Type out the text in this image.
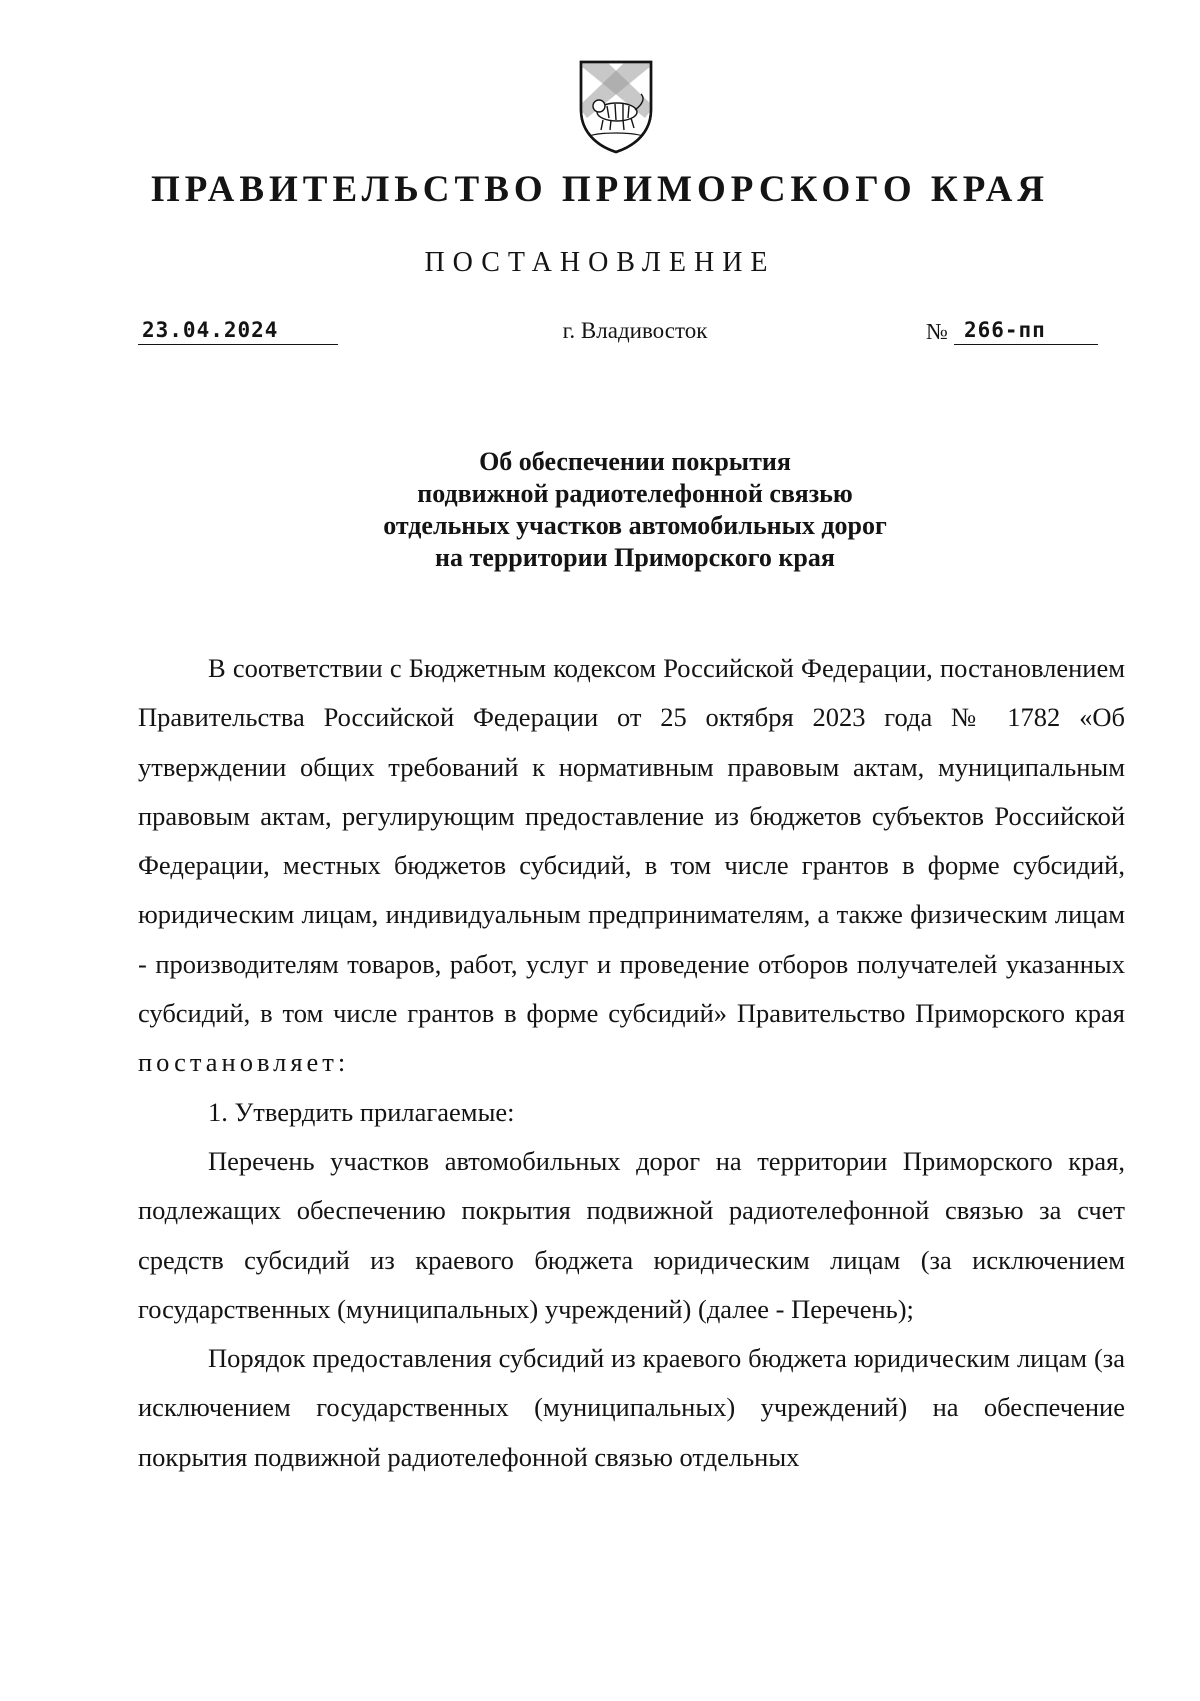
ПРАВИТЕЛЬСТВО ПРИМОРСКОГО КРАЯ
ПОСТАНОВЛЕНИЕ
23.04.2024	г. Владивосток	№ 266-пп
Об обеспечении покрытия
подвижной радиотелефонной связью
отдельных участков автомобильных дорог
на территории Приморского края

В соответствии с Бюджетным кодексом Российской Федерации, постановлением Правительства Российской Федерации от 25 октября 2023 года № 1782 «Об утверждении общих требований к нормативным правовым актам, муниципальным правовым актам, регулирующим предоставление из бюджетов субъектов Российской Федерации, местных бюджетов субсидий, в том числе грантов в форме субсидий, юридическим лицам, индивидуальным предпринимателям, а также физическим лицам - производителям товаров, работ, услуг и проведение отборов получателей указанных субсидий, в том числе грантов в форме субсидий» Правительство Приморского края постановляет:

1. Утвердить прилагаемые:

Перечень участков автомобильных дорог на территории Приморского края, подлежащих обеспечению покрытия подвижной радиотелефонной связью за счет средств субсидий из краевого бюджета юридическим лицам (за исключением государственных (муниципальных) учреждений) (далее - Перечень);

Порядок предоставления субсидий из краевого бюджета юридическим лицам (за исключением государственных (муниципальных) учреждений) на обеспечение покрытия подвижной радиотелефонной связью отдельных
